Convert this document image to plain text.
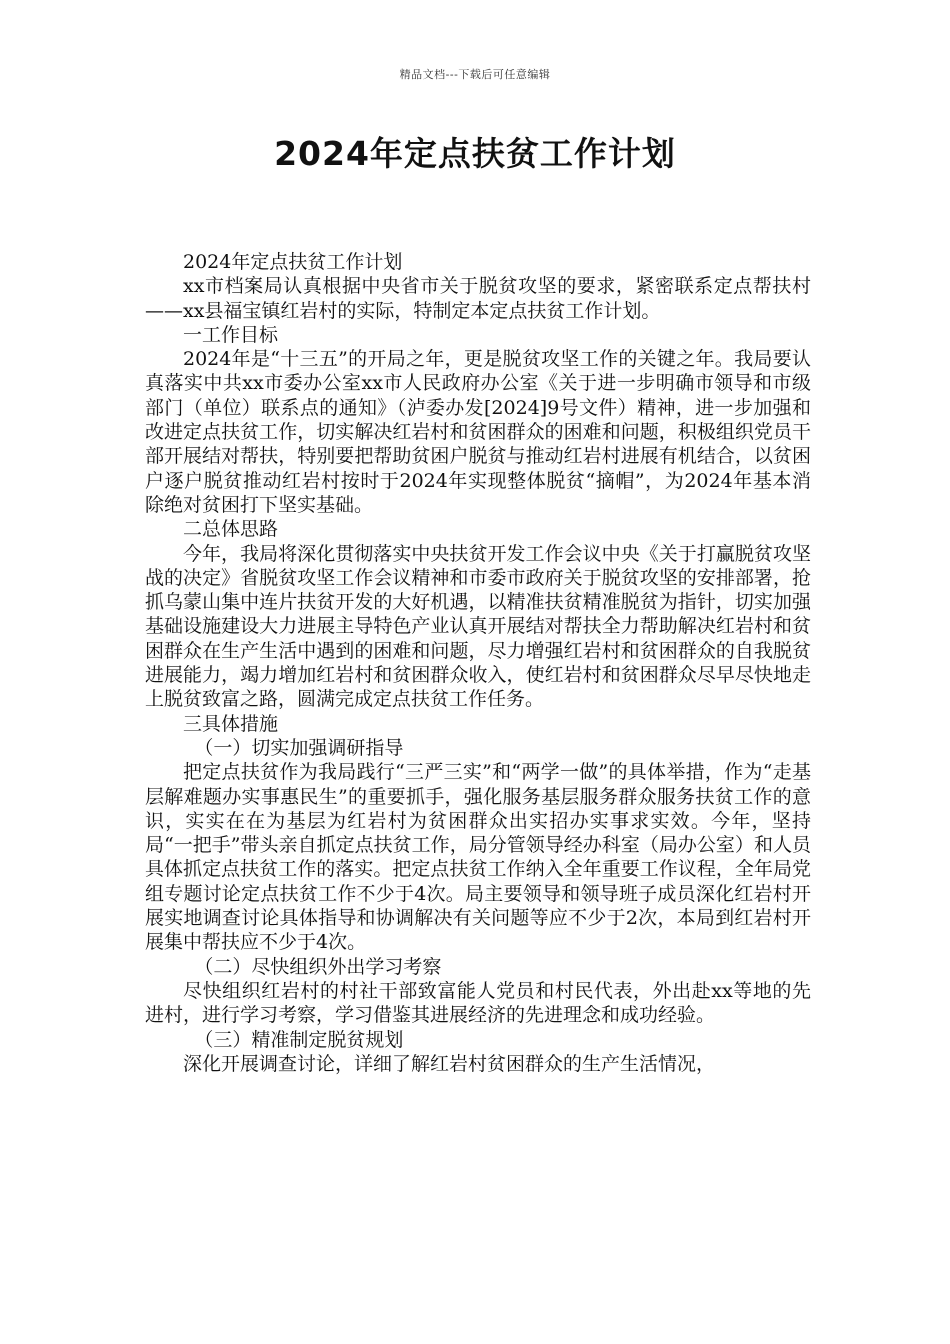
精品文档---下载后可任意编辑
2024年定点扶贫工作计划

2024年定点扶贫工作计划

xx市档案局认真根据中央省市关于脱贫攻坚的要求，紧密联系定点帮扶村——xx县福宝镇红岩村的实际，特制定本定点扶贫工作计划。

一工作目标

2024年是“十三五”的开局之年，更是脱贫攻坚工作的关键之年。我局要认真落实中共xx市委办公室xx市人民政府办公室《关于进一步明确市领导和市级部门（单位）联系点的通知》（泸委办发[2024]9号文件）精神，进一步加强和改进定点扶贫工作，切实解决红岩村和贫困群众的困难和问题，积极组织党员干部开展结对帮扶，特别要把帮助贫困户脱贫与推动红岩村进展有机结合，以贫困户逐户脱贫推动红岩村按时于2024年实现整体脱贫“摘帽”，为2024年基本消除绝对贫困打下坚实基础。

二总体思路

今年，我局将深化贯彻落实中央扶贫开发工作会议中央《关于打赢脱贫攻坚战的决定》省脱贫攻坚工作会议精神和市委市政府关于脱贫攻坚的安排部署，抢抓乌蒙山集中连片扶贫开发的大好机遇，以精准扶贫精准脱贫为指针，切实加强基础设施建设大力进展主导特色产业认真开展结对帮扶全力帮助解决红岩村和贫困群众在生产生活中遇到的困难和问题，尽力增强红岩村和贫困群众的自我脱贫进展能力，竭力增加红岩村和贫困群众收入，使红岩村和贫困群众尽早尽快地走上脱贫致富之路，圆满完成定点扶贫工作任务。

三具体措施

（一）切实加强调研指导

把定点扶贫作为我局践行“三严三实”和“两学一做”的具体举措，作为“走基层解难题办实事惠民生”的重要抓手，强化服务基层服务群众服务扶贫工作的意识，实实在在为基层为红岩村为贫困群众出实招办实事求实效。今年，坚持局“一把手”带头亲自抓定点扶贫工作，局分管领导经办科室（局办公室）和人员具体抓定点扶贫工作的落实。把定点扶贫工作纳入全年重要工作议程，全年局党组专题讨论定点扶贫工作不少于4次。局主要领导和领导班子成员深化红岩村开展实地调查讨论具体指导和协调解决有关问题等应不少于2次，本局到红岩村开展集中帮扶应不少于4次。

（二）尽快组织外出学习考察

尽快组织红岩村的村社干部致富能人党员和村民代表，外出赴xx等地的先进村，进行学习考察，学习借鉴其进展经济的先进理念和成功经验。

（三）精准制定脱贫规划

深化开展调查讨论，详细了解红岩村贫困群众的生产生活情况，
